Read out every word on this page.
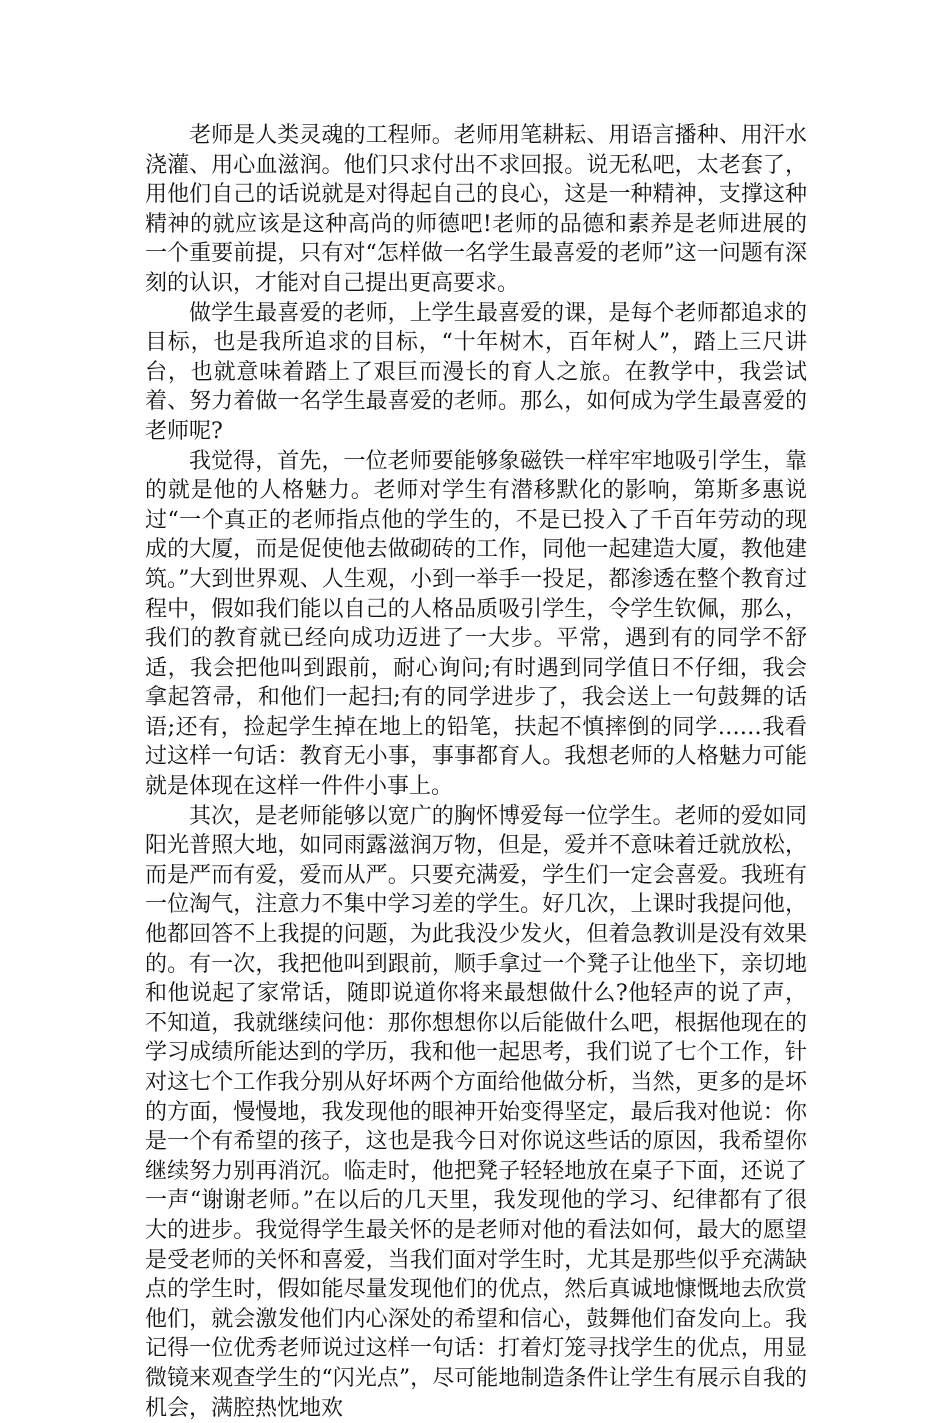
老师是人类灵魂的工程师。老师用笔耕耘、用语言播种、用汗水浇灌、用心血滋润。他们只求付出不求回报。说无私吧，太老套了，用他们自己的话说就是对得起自己的良心，这是一种精神，支撑这种精神的就应该是这种高尚的师德吧!老师的品德和素养是老师进展的一个重要前提，只有对“怎样做一名学生最喜爱的老师”这一问题有深刻的认识，才能对自己提出更高要求。

做学生最喜爱的老师，上学生最喜爱的课，是每个老师都追求的目标，也是我所追求的目标，“十年树木，百年树人”，踏上三尺讲台，也就意味着踏上了艰巨而漫长的育人之旅。在教学中，我尝试着、努力着做一名学生最喜爱的老师。那么，如何成为学生最喜爱的老师呢?

我觉得，首先，一位老师要能够象磁铁一样牢牢地吸引学生，靠的就是他的人格魅力。老师对学生有潜移默化的影响，第斯多惠说过“一个真正的老师指点他的学生的，不是已投入了千百年劳动的现成的大厦，而是促使他去做砌砖的工作，同他一起建造大厦，教他建筑。”大到世界观、人生观，小到一举手一投足，都渗透在整个教育过程中，假如我们能以自己的人格品质吸引学生，令学生钦佩，那么，我们的教育就已经向成功迈进了一大步。平常，遇到有的同学不舒适，我会把他叫到跟前，耐心询问;有时遇到同学值日不仔细，我会拿起笤帚，和他们一起扫;有的同学进步了，我会送上一句鼓舞的话语;还有，捡起学生掉在地上的铅笔，扶起不慎摔倒的同学……我看过这样一句话：教育无小事，事事都育人。我想老师的人格魅力可能就是体现在这样一件件小事上。

其次，是老师能够以宽广的胸怀博爱每一位学生。老师的爱如同阳光普照大地，如同雨露滋润万物，但是，爱并不意味着迁就放松，而是严而有爱，爱而从严。只要充满爱，学生们一定会喜爱。我班有一位淘气，注意力不集中学习差的学生。好几次，上课时我提问他，他都回答不上我提的问题，为此我没少发火，但着急教训是没有效果的。有一次，我把他叫到跟前，顺手拿过一个凳子让他坐下，亲切地和他说起了家常话，随即说道你将来最想做什么?他轻声的说了声，不知道，我就继续问他：那你想想你以后能做什么吧，根据他现在的学习成绩所能达到的学历，我和他一起思考，我们说了七个工作，针对这七个工作我分别从好坏两个方面给他做分析，当然，更多的是坏的方面，慢慢地，我发现他的眼神开始变得坚定，最后我对他说：你是一个有希望的孩子，这也是我今日对你说这些话的原因，我希望你继续努力别再消沉。临走时，他把凳子轻轻地放在桌子下面，还说了一声“谢谢老师。”在以后的几天里，我发现他的学习、纪律都有了很大的进步。我觉得学生最关怀的是老师对他的看法如何，最大的愿望是受老师的关怀和喜爱，当我们面对学生时，尤其是那些似乎充满缺点的学生时，假如能尽量发现他们的优点，然后真诚地慷慨地去欣赏他们，就会激发他们内心深处的希望和信心，鼓舞他们奋发向上。我记得一位优秀老师说过这样一句话：打着灯笼寻找学生的优点，用显微镜来观查学生的“闪光点”，尽可能地制造条件让学生有展示自我的机会，满腔热忱地欢
